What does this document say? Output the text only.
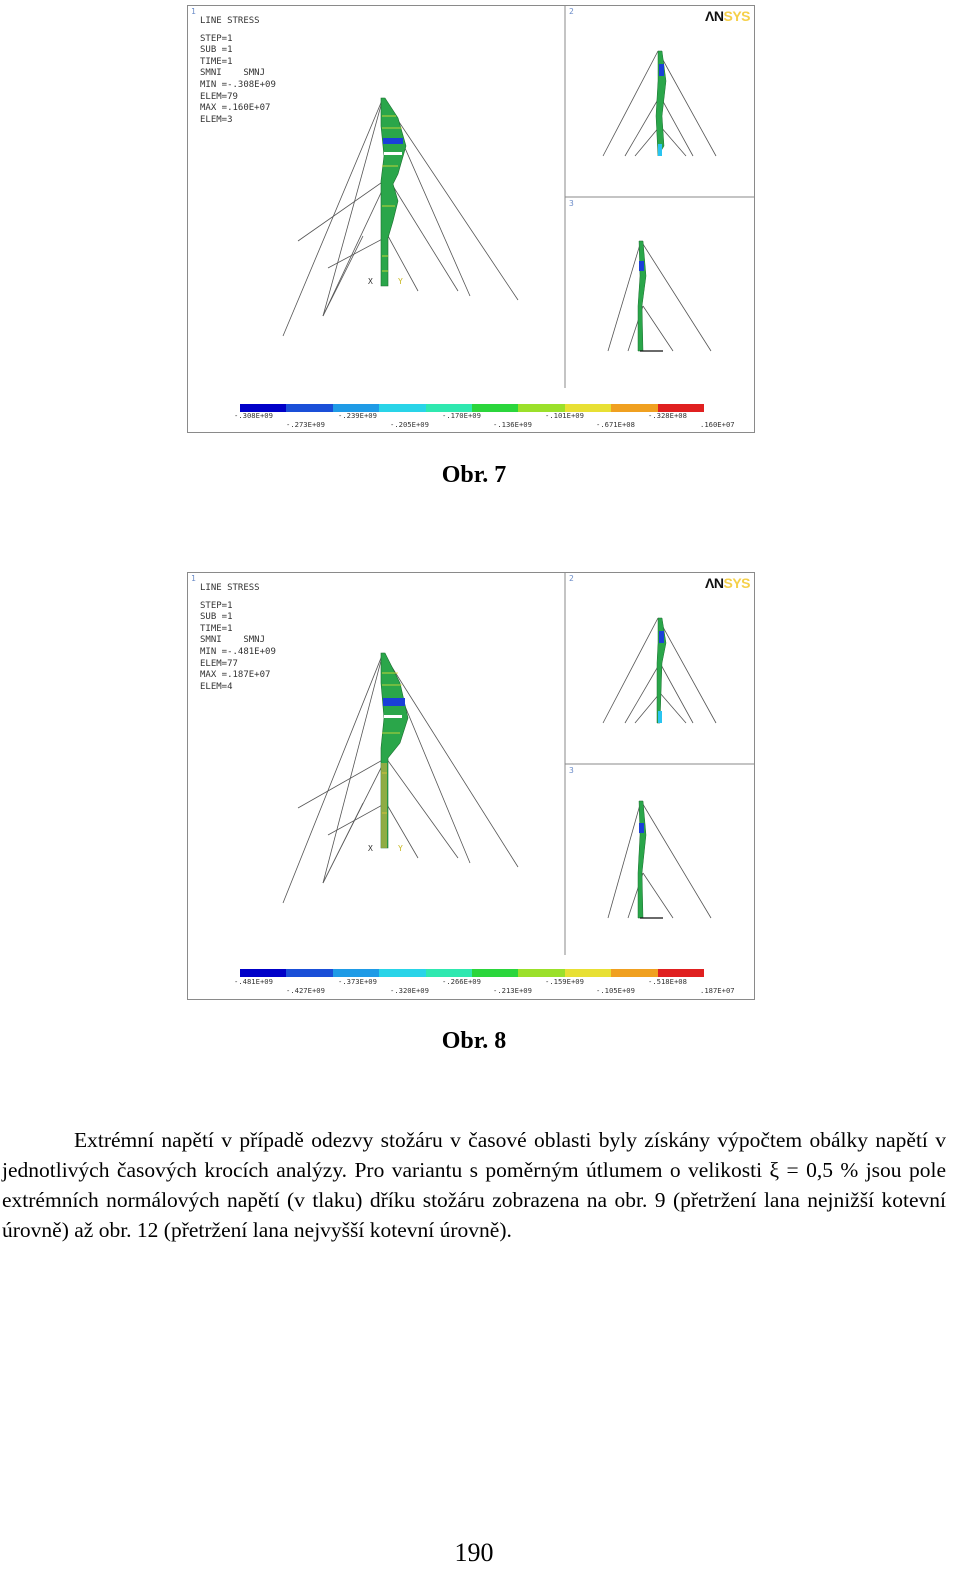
X	Y
LINE STRESS
STEP=1
SUB =1
TIME=1
SMNI    SMNJ
MIN =-.308E+09
ELEM=79
MAX =.160E+07
ELEM=3
1	2
3
ΛNSYS
-.308E+09	-.239E+09	-.170E+09	-.101E+09	-.328E+08
-.273E+09	-.205E+09	-.136E+09	-.671E+08	.160E+07
Obr. 7
X	Y
LINE STRESS
STEP=1
SUB =1
TIME=1
SMNI    SMNJ
MIN =-.481E+09
ELEM=77
MAX =.187E+07
ELEM=4
1	2
3
ΛNSYS
-.481E+09	-.373E+09	-.266E+09	-.159E+09	-.518E+08
-.427E+09	-.320E+09	-.213E+09	-.105E+09	.187E+07
Obr. 8

Extrémní napětí v případě odezvy stožáru v časové oblasti byly získány výpočtem obálky napětí v jednotlivých časových krocích analýzy. Pro variantu s poměrným útlumem o velikosti ξ = 0,5 % jsou pole extrémních normálových napětí (v tlaku) dříku stožáru zobrazena na obr. 9 (přetržení lana nejnižší kotevní úrovně) až obr. 12 (přetržení lana nejvyšší kotevní úrovně).

190
